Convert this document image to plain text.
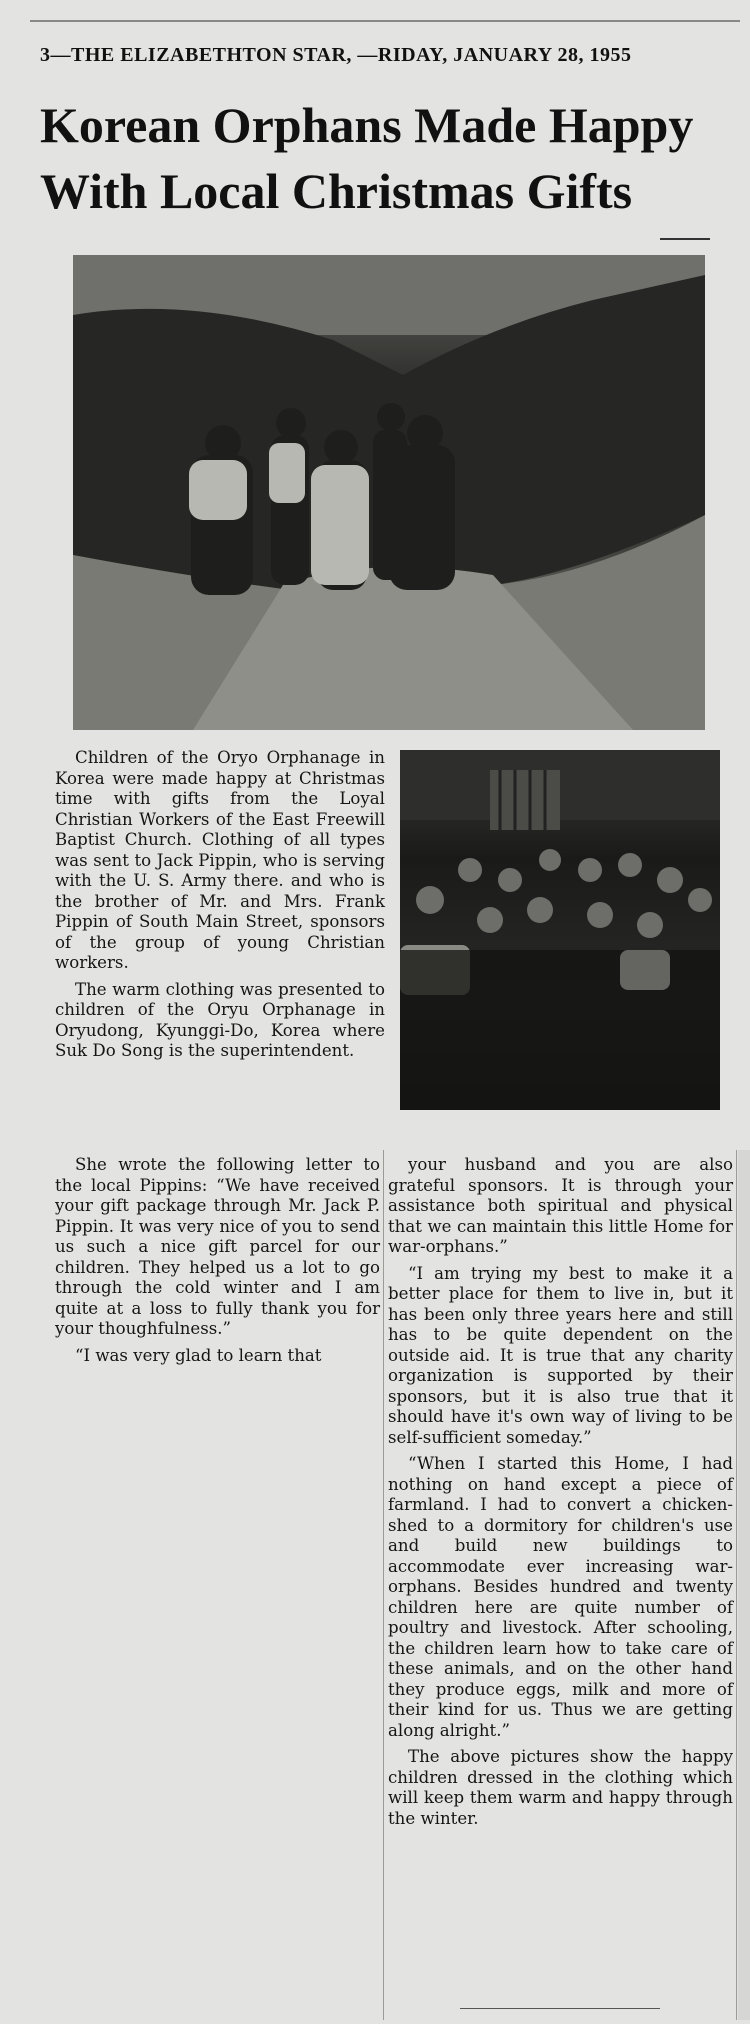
3—THE ELIZABETHTON STAR, —RIDAY, JANUARY 28, 1955
Korean Orphans Made Happy
With Local Christmas Gifts

Children of the Oryo Orphanage in Korea were made happy at Christmas time with gifts from the Loyal Christian Workers of the East Freewill Baptist Church. Clothing of all types was sent to Jack Pippin, who is serving with the U. S. Army there. and who is the brother of Mr. and Mrs. Frank Pippin of South Main Street, sponsors of the group of young Christian workers.

The warm clothing was presented to children of the Oryu Orphanage in Oryudong, Kyunggi-Do, Korea where Suk Do Song is the superintendent.

She wrote the following letter to the local Pippins: “We have received your gift package through Mr. Jack P. Pippin. It was very nice of you to send us such a nice gift parcel for our children. They helped us a lot to go through the cold winter and I am quite at a loss to fully thank you for your thoughfulness.”

“I was very glad to learn that

your husband and you are also grateful sponsors. It is through your assistance both spiritual and physical that we can maintain this little Home for war-orphans.”

“I am trying my best to make it a better place for them to live in, but it has been only three years here and still has to be quite dependent on the outside aid. It is true that any charity organization is supported by their sponsors, but it is also true that it should have it's own way of living to be self-sufficient someday.”

“When I started this Home, I had nothing on hand except a piece of farmland. I had to convert a chicken-shed to a dormitory for children's use and build new buildings to accommodate ever increasing war-orphans. Besides hundred and twenty children here are quite number of poultry and livestock. After schooling, the children learn how to take care of these animals, and on the other hand they produce eggs, milk and more of their kind for us. Thus we are getting along alright.”

The above pictures show the happy children dressed in the clothing which will keep them warm and happy through the winter.
